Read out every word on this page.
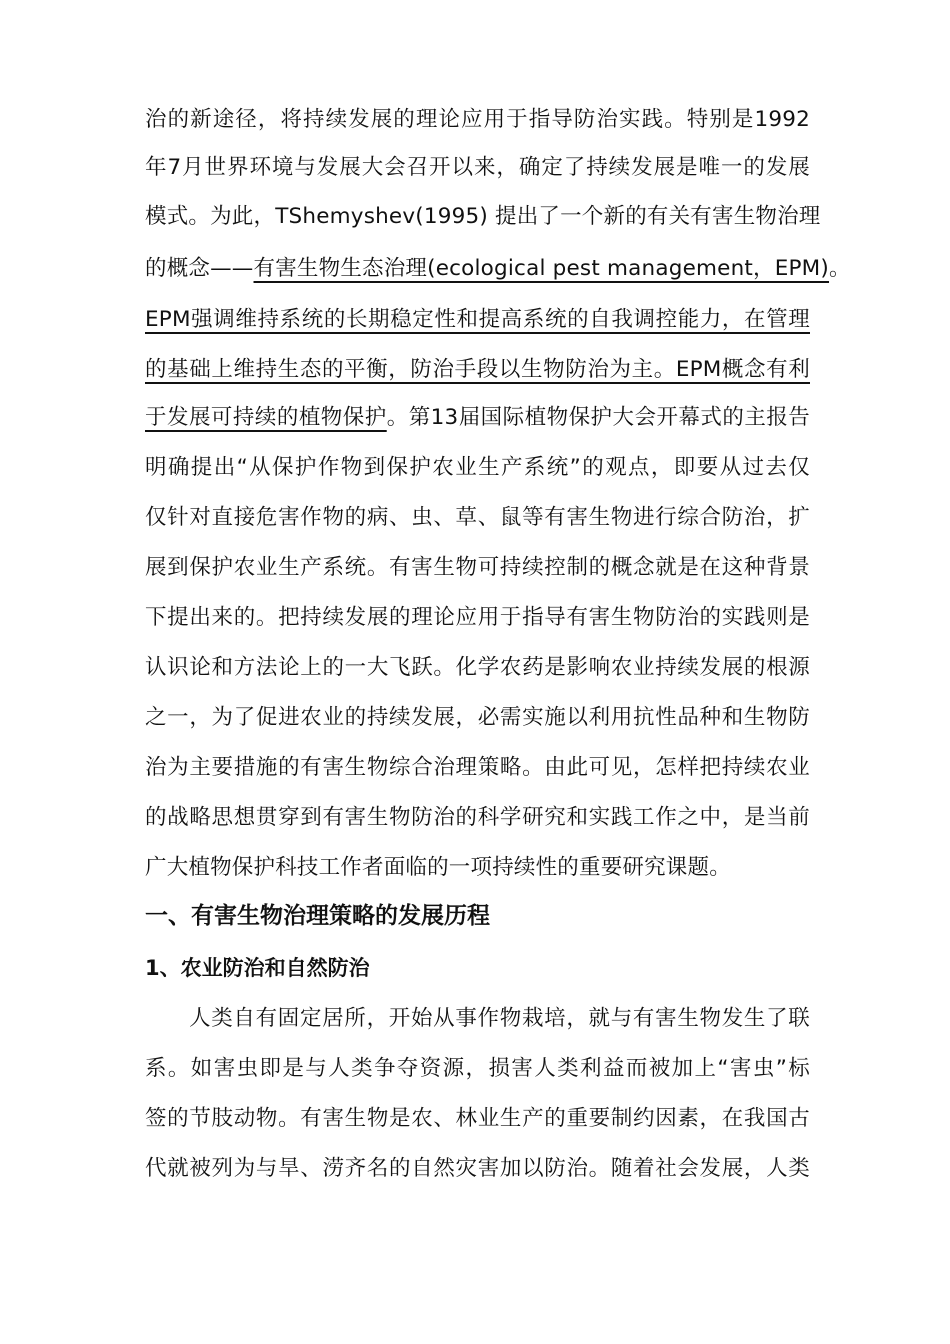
治的新途径，将持续发展的理论应用于指导防治实践。特别是1992
年7月世界环境与发展大会召开以来，确定了持续发展是唯一的发展
模式。为此，TShemyshev(1995) 提出了一个新的有关有害生物治理
的概念——有害生物生态治理(ecological pest management，EPM)。
EPM强调维持系统的长期稳定性和提高系统的自我调控能力，在管理
的基础上维持生态的平衡，防治手段以生物防治为主。EPM概念有利
于发展可持续的植物保护。第13届国际植物保护大会开幕式的主报告
明确提出“从保护作物到保护农业生产系统”的观点，即要从过去仅
仅针对直接危害作物的病、虫、草、鼠等有害生物进行综合防治，扩
展到保护农业生产系统。有害生物可持续控制的概念就是在这种背景
下提出来的。把持续发展的理论应用于指导有害生物防治的实践则是
认识论和方法论上的一大飞跃。化学农药是影响农业持续发展的根源
之一，为了促进农业的持续发展，必需实施以利用抗性品种和生物防
治为主要措施的有害生物综合治理策略。由此可见，怎样把持续农业
的战略思想贯穿到有害生物防治的科学研究和实践工作之中，是当前
广大植物保护科技工作者面临的一项持续性的重要研究课题。
一、有害生物治理策略的发展历程
1、农业防治和自然防治
人类自有固定居所，开始从事作物栽培，就与有害生物发生了联
系。如害虫即是与人类争夺资源，损害人类利益而被加上“害虫”标
签的节肢动物。有害生物是农、林业生产的重要制约因素，在我国古
代就被列为与旱、涝齐名的自然灾害加以防治。随着社会发展，人类
